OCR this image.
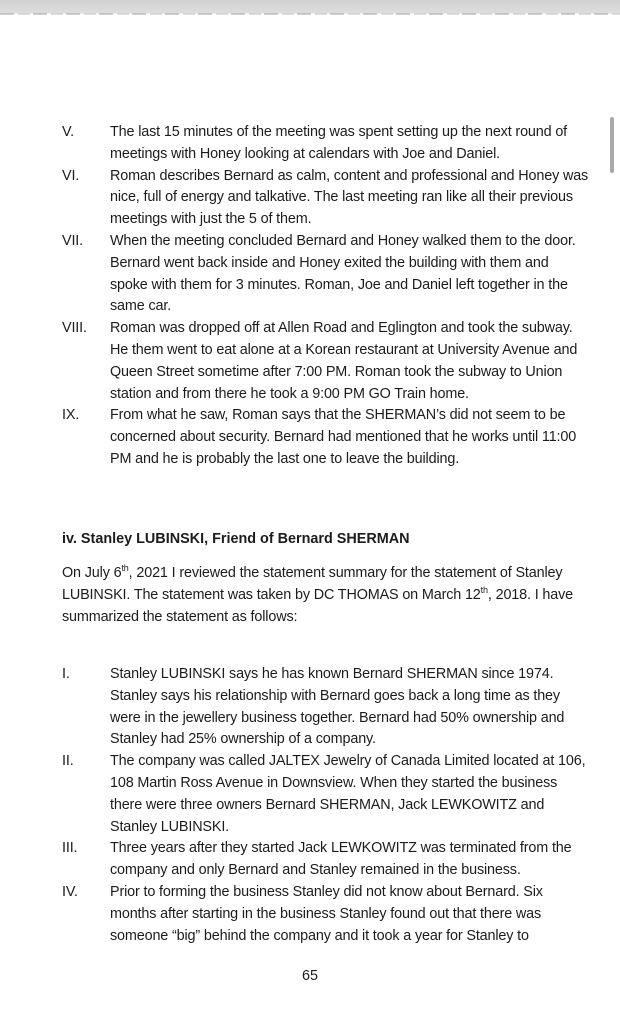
V.	The last 15 minutes of the meeting was spent setting up the next round of meetings with Honey looking at calendars with Joe and Daniel.
VI. Roman describes Bernard as calm, content and professional and Honey was nice, full of energy and talkative. The last meeting ran like all their previous meetings with just the 5 of them.
VII. When the meeting concluded Bernard and Honey walked them to the door. Bernard went back inside and Honey exited the building with them and spoke with them for 3 minutes. Roman, Joe and Daniel left together in the same car.
VIII. Roman was dropped off at Allen Road and Eglington and took the subway. He them went to eat alone at a Korean restaurant at University Avenue and Queen Street sometime after 7:00 PM. Roman took the subway to Union station and from there he took a 9:00 PM GO Train home.
IX. From what he saw, Roman says that the SHERMAN’s did not seem to be concerned about security. Bernard had mentioned that he works until 11:00 PM and he is probably the last one to leave the building.
iv. Stanley LUBINSKI, Friend of Bernard SHERMAN
On July 6th, 2021 I reviewed the statement summary for the statement of Stanley LUBINSKI. The statement was taken by DC THOMAS on March 12th, 2018. I have summarized the statement as follows:
I.	Stanley LUBINSKI says he has known Bernard SHERMAN since 1974. Stanley says his relationship with Bernard goes back a long time as they were in the jewellery business together. Bernard had 50% ownership and Stanley had 25% ownership of a company.
II.	The company was called JALTEX Jewelry of Canada Limited located at 106, 108 Martin Ross Avenue in Downsview. When they started the business there were three owners Bernard SHERMAN, Jack LEWKOWITZ and Stanley LUBINSKI.
III. Three years after they started Jack LEWKOWITZ was terminated from the company and only Bernard and Stanley remained in the business.
IV. Prior to forming the business Stanley did not know about Bernard. Six months after starting in the business Stanley found out that there was someone “big” behind the company and it took a year for Stanley to
65
